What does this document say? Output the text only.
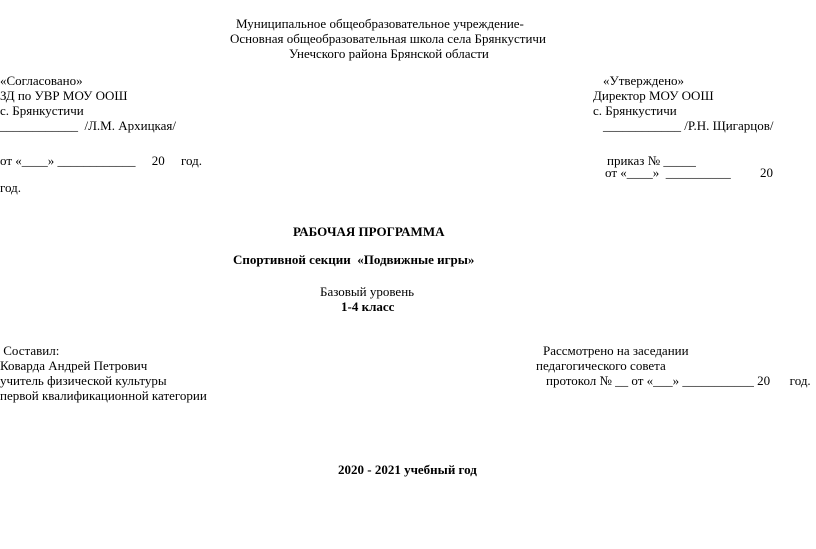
Муниципальное общеобразовательное учреждение-
Основная общеобразовательная школа села Брянкустичи
Унечского района Брянской области
«Согласовано»
ЗД по УВР МОУ ООШ
с. Брянкустичи
____________  /Л.М. Архицкая/
от «____» ____________     20     год.
«Утверждено»
Директор МОУ ООШ
с. Брянкустичи
____________ /Р.Н. Щигарцов/
приказ № _____
от «____»  __________         20
год.
РАБОЧАЯ ПРОГРАММА
Спортивной секции  «Подвижные игры»
Базовый уровень
1-4 класс
Составил:
Коварда Андрей Петрович
учитель физической культуры
первой квалификационной категории
Рассмотрено на заседании
педагогического совета
протокол № __ от «___» ___________ 20      год.
2020 - 2021 учебный год
